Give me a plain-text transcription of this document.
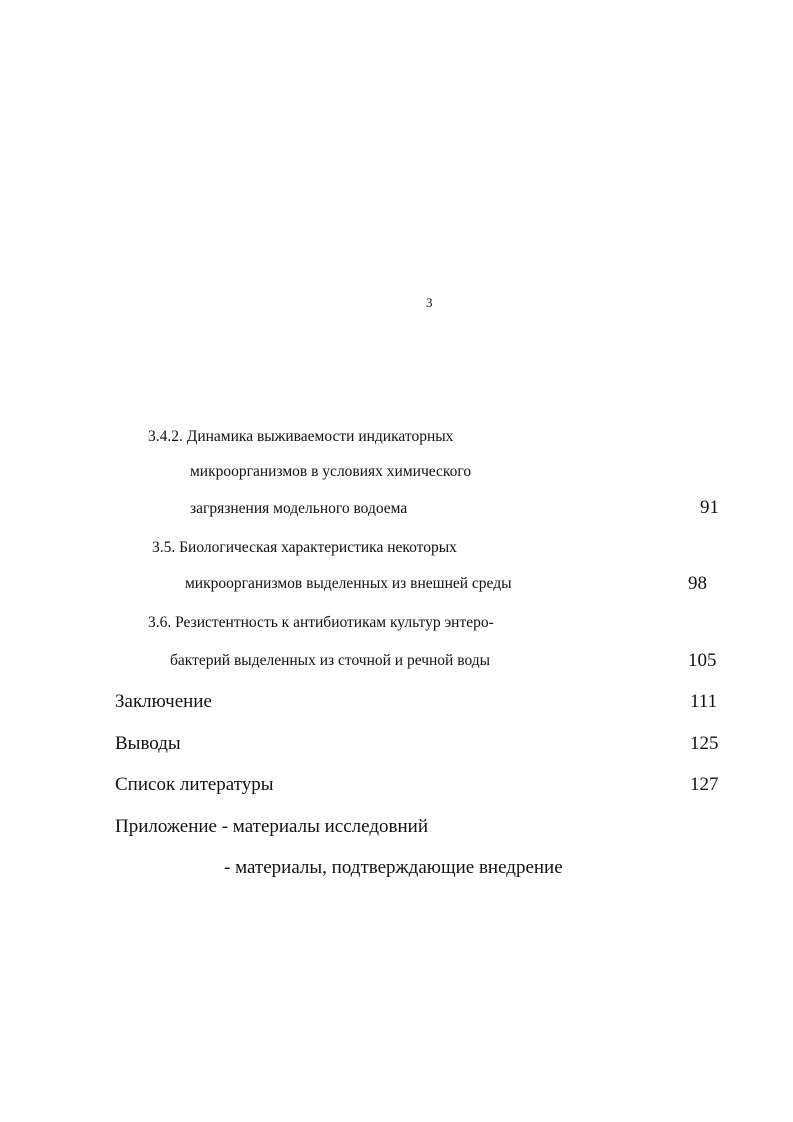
3
3.4.2. Динамика выживаемости индикаторных
микроорганизмов в условиях химического
загрязнения модельного водоема	91
3.5. Биологическая характеристика некоторых
микроорганизмов выделенных из внешней среды	98
3.6. Резистентность к антибиотикам культур энтеро-
бактерий выделенных из сточной и речной воды	105
Заключение	111
Выводы	125
Список литературы	127
Приложение - материалы исследовний
- материалы, подтверждающие внедрение
